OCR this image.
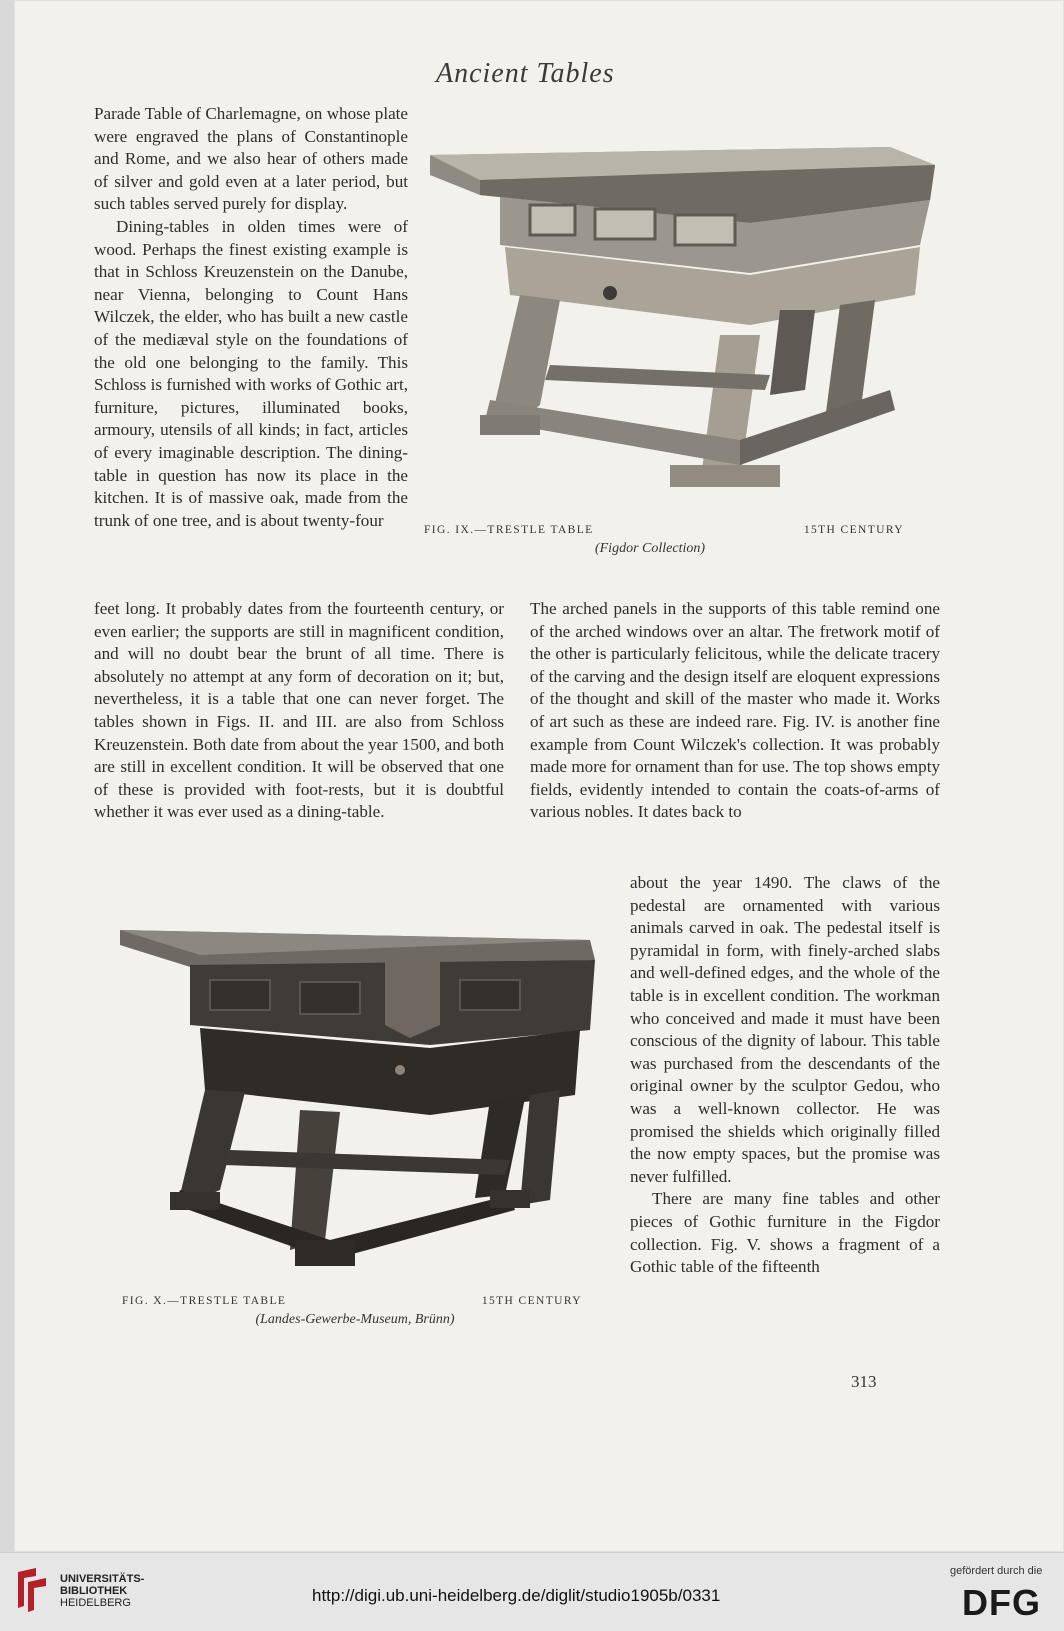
Ancient Tables

Parade Table of Charlemagne, on whose plate were engraved the plans of Constantinople and Rome, and we also hear of others made of silver and gold even at a later period, but such tables served purely for display.

Dining-tables in olden times were of wood. Perhaps the finest existing example is that in Schloss Kreuzenstein on the Danube, near Vienna, belonging to Count Hans Wilczek, the elder, who has built a new castle of the mediæval style on the foundations of the old one belonging to the family. This Schloss is furnished with works of Gothic art, furniture, pictures, illuminated books, armoury, utensils of all kinds; in fact, articles of every imaginable description. The dining-table in question has now its place in the kitchen. It is of massive oak, made from the trunk of one tree, and is about twenty-four

FIG. IX.—TRESTLE TABLE	15TH CENTURY
(Figdor Collection)

feet long. It probably dates from the fourteenth century, or even earlier; the supports are still in magnificent condition, and will no doubt bear the brunt of all time. There is absolutely no attempt at any form of decoration on it; but, nevertheless, it is a table that one can never forget. The tables shown in Figs. II. and III. are also from Schloss Kreuzenstein. Both date from about the year 1500, and both are still in excellent condition. It will be observed that one of these is provided with foot-rests, but it is doubtful whether it was ever used as a dining-table.

The arched panels in the supports of this table remind one of the arched windows over an altar. The fretwork motif of the other is particularly felicitous, while the delicate tracery of the carving and the design itself are eloquent expressions of the thought and skill of the master who made it. Works of art such as these are indeed rare. Fig. IV. is another fine example from Count Wilczek's collection. It was probably made more for ornament than for use. The top shows empty fields, evidently intended to contain the coats-of-arms of various nobles. It dates back to

FIG. X.—TRESTLE TABLE	15TH CENTURY
(Landes-Gewerbe-Museum, Brünn)

about the year 1490. The claws of the pedestal are ornamented with various animals carved in oak. The pedestal itself is pyramidal in form, with finely-arched slabs and well-defined edges, and the whole of the table is in excellent condition. The workman who conceived and made it must have been conscious of the dignity of labour. This table was purchased from the descendants of the original owner by the sculptor Gedou, who was a well-known collector. He was promised the shields which originally filled the now empty spaces, but the promise was never fulfilled.

There are many fine tables and other pieces of Gothic furniture in the Figdor collection. Fig. V. shows a fragment of a Gothic table of the fifteenth

313
UNIVERSITÄTS-
BIBLIOTHEK
HEIDELBERG	http://digi.ub.uni-heidelberg.de/diglit/studio1905b/0331
gefördert durch die
DFG
